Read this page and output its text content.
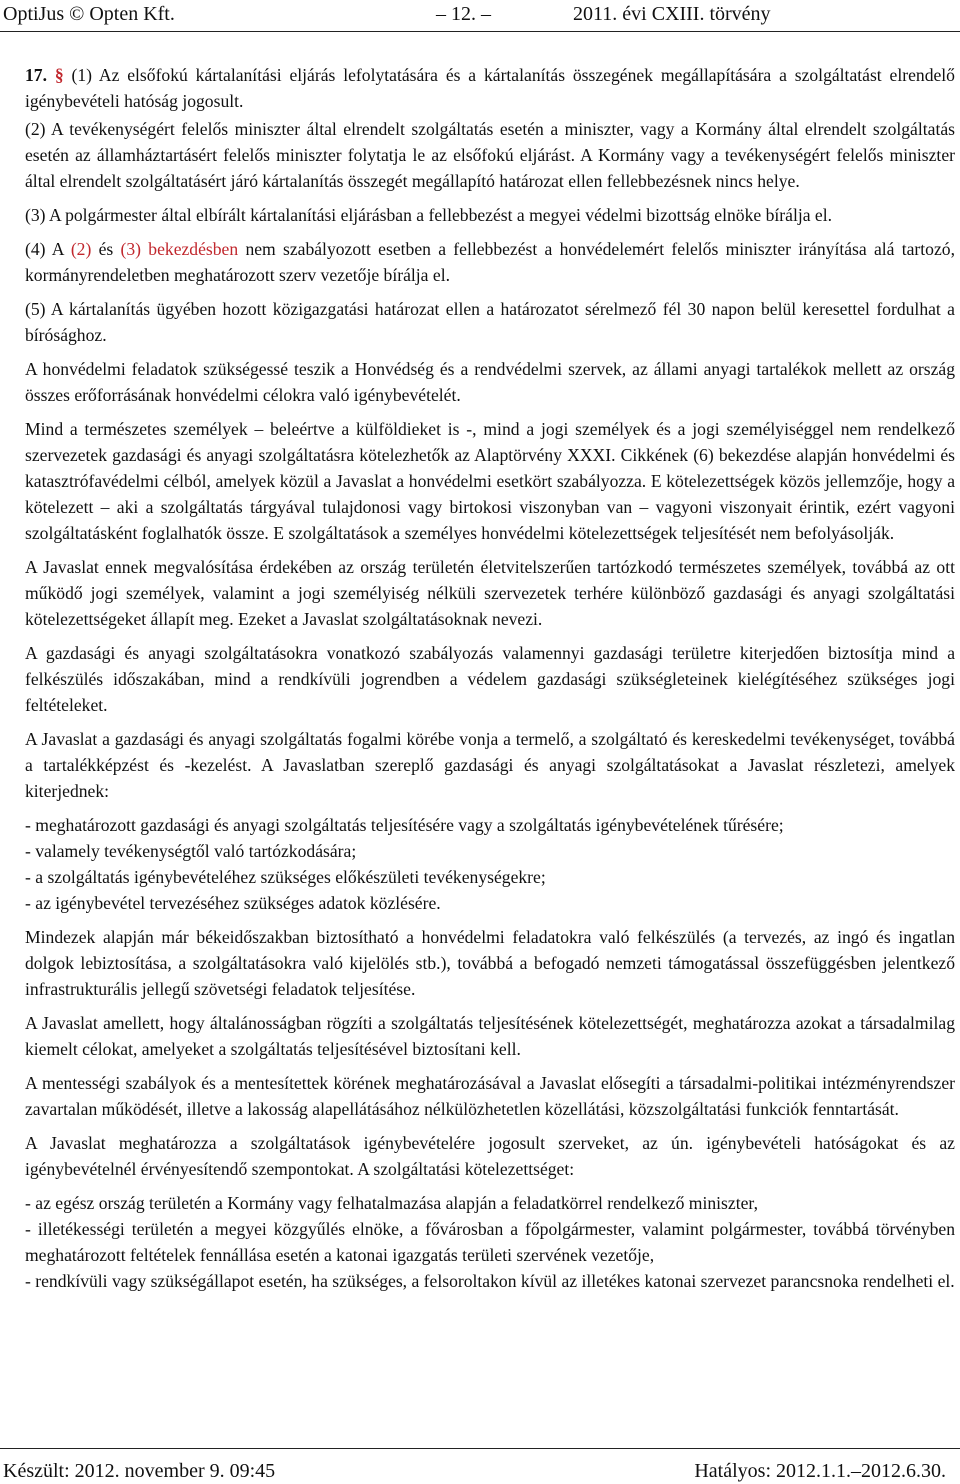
OptiJus © Opten Kft.	– 12. –	2011. évi CXIII. törvény

17. § (1) Az elsőfokú kártalanítási eljárás lefolytatására és a kártalanítás összegének megállapítására a szolgáltatást elrendelő igénybevételi hatóság jogosult.

(2) A tevékenységért felelős miniszter által elrendelt szolgáltatás esetén a miniszter, vagy a Kormány által elrendelt szolgáltatás esetén az államháztartásért felelős miniszter folytatja le az elsőfokú eljárást. A Kormány vagy a tevékenységért felelős miniszter által elrendelt szolgáltatásért járó kártalanítás összegét megállapító határozat ellen fellebbezésnek nincs helye.

(3) A polgármester által elbírált kártalanítási eljárásban a fellebbezést a megyei védelmi bizottság elnöke bírálja el.

(4) A (2) és (3) bekezdésben nem szabályozott esetben a fellebbezést a honvédelemért felelős miniszter irányítása alá tartozó, kormányrendeletben meghatározott szerv vezetője bírálja el.

(5) A kártalanítás ügyében hozott közigazgatási határozat ellen a határozatot sérelmező fél 30 napon belül keresettel fordulhat a bírósághoz.

A honvédelmi feladatok szükségessé teszik a Honvédség és a rendvédelmi szervek, az állami anyagi tartalékok mellett az ország összes erőforrásának honvédelmi célokra való igénybevételét.

Mind a természetes személyek – beleértve a külföldieket is -, mind a jogi személyek és a jogi személyiséggel nem rendelkező szervezetek gazdasági és anyagi szolgáltatásra kötelezhetők az Alaptörvény XXXI. Cikkének (6) bekezdése alapján honvédelmi és katasztrófavédelmi célból, amelyek közül a Javaslat a honvédelmi esetkört szabályozza. E kötelezettségek közös jellemzője, hogy a kötelezett – aki a szolgáltatás tárgyával tulajdonosi vagy birtokosi viszonyban van – vagyoni viszonyait érintik, ezért vagyoni szolgáltatásként foglalhatók össze. E szolgáltatások a személyes honvédelmi kötelezettségek teljesítését nem befolyásolják.

A Javaslat ennek megvalósítása érdekében az ország területén életvitelszerűen tartózkodó természetes személyek, továbbá az ott működő jogi személyek, valamint a jogi személyiség nélküli szervezetek terhére különböző gazdasági és anyagi szolgáltatási kötelezettségeket állapít meg. Ezeket a Javaslat szolgáltatásoknak nevezi.

A gazdasági és anyagi szolgáltatásokra vonatkozó szabályozás valamennyi gazdasági területre kiterjedően biztosítja mind a felkészülés időszakában, mind a rendkívüli jogrendben a védelem gazdasági szükségleteinek kielégítéséhez szükséges jogi feltételeket.

A Javaslat a gazdasági és anyagi szolgáltatás fogalmi körébe vonja a termelő, a szolgáltató és kereskedelmi tevékenységet, továbbá a tartalékképzést és -kezelést. A Javaslatban szereplő gazdasági és anyagi szolgáltatásokat a Javaslat részletezi, amelyek kiterjednek:

- meghatározott gazdasági és anyagi szolgáltatás teljesítésére vagy a szolgáltatás igénybevételének tűrésére;

- valamely tevékenységtől való tartózkodására;

- a szolgáltatás igénybevételéhez szükséges előkészületi tevékenységekre;

- az igénybevétel tervezéséhez szükséges adatok közlésére.

Mindezek alapján már békeidőszakban biztosítható a honvédelmi feladatokra való felkészülés (a tervezés, az ingó és ingatlan dolgok lebiztosítása, a szolgáltatásokra való kijelölés stb.), továbbá a befogadó nemzeti támogatással összefüggésben jelentkező infrastrukturális jellegű szövetségi feladatok teljesítése.

A Javaslat amellett, hogy általánosságban rögzíti a szolgáltatás teljesítésének kötelezettségét, meghatározza azokat a társadalmilag kiemelt célokat, amelyeket a szolgáltatás teljesítésével biztosítani kell.

A mentességi szabályok és a mentesítettek körének meghatározásával a Javaslat elősegíti a társadalmi-politikai intézményrendszer zavartalan működését, illetve a lakosság alapellátásához nélkülözhetetlen közellátási, közszolgáltatási funkciók fenntartását.

A Javaslat meghatározza a szolgáltatások igénybevételére jogosult szerveket, az ún. igénybevételi hatóságokat és az igénybevételnél érvényesítendő szempontokat. A szolgáltatási kötelezettséget:

- az egész ország területén a Kormány vagy felhatalmazása alapján a feladatkörrel rendelkező miniszter,

- illetékességi területén a megyei közgyűlés elnöke, a fővárosban a főpolgármester, valamint polgármester, továbbá törvényben meghatározott feltételek fennállása esetén a katonai igazgatás területi szervének vezetője,

- rendkívüli vagy szükségállapot esetén, ha szükséges, a felsoroltakon kívül az illetékes katonai szervezet parancsnoka rendelheti el.

Készült: 2012. november 9. 09:45	Hatályos: 2012.1.1.–2012.6.30.
